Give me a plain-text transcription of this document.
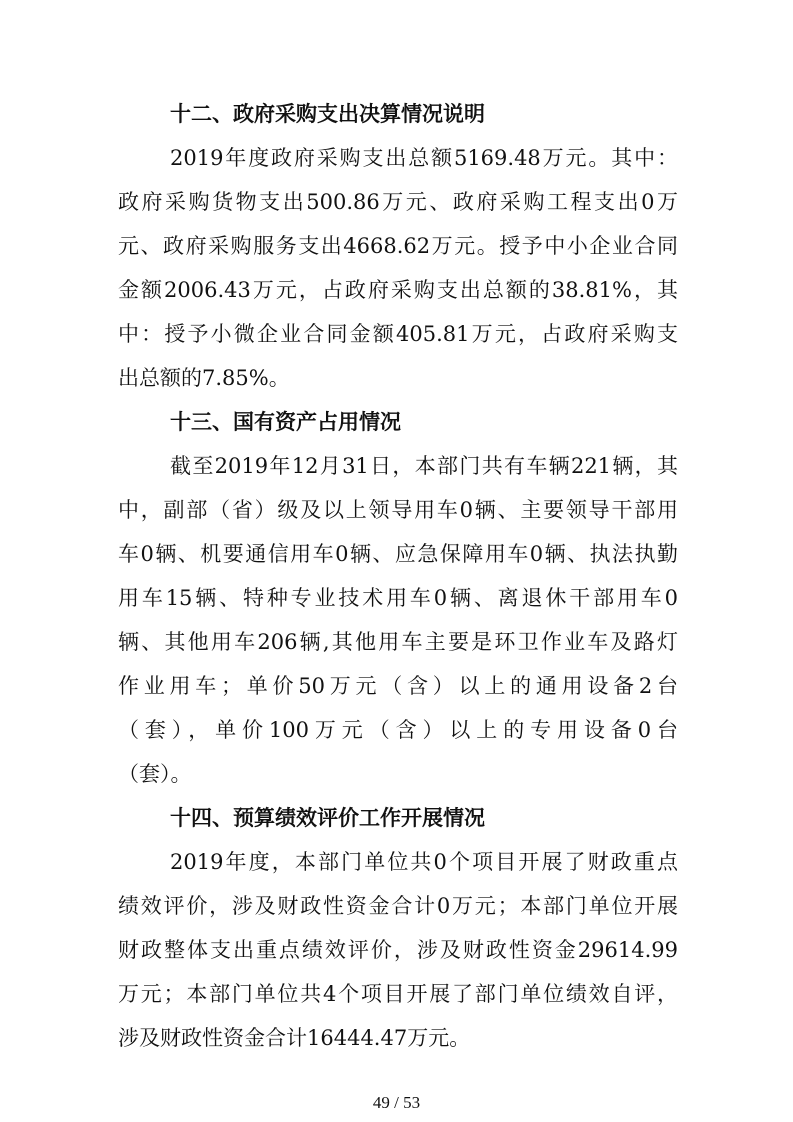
十二、政府采购支出决算情况说明
2019年度政府采购支出总额5169.48万元。其中：
政府采购货物支出500.86万元、政府采购工程支出0万
元、政府采购服务支出4668.62万元。授予中小企业合同
金额2006.43万元，占政府采购支出总额的38.81%，其
中：授予小微企业合同金额405.81万元，占政府采购支
出总额的7.85%。
十三、国有资产占用情况
截至2019年12月31日，本部门共有车辆221辆，其
中，副部（省）级及以上领导用车0辆、主要领导干部用
车0辆、机要通信用车0辆、应急保障用车0辆、执法执勤
用车15辆、特种专业技术用车0辆、离退休干部用车0
辆、其他用车206辆,其他用车主要是环卫作业车及路灯
作业用车；单价50万元（含）以上的通用设备2台
（套），单价100万元（含）以上的专用设备0台
（套）。
十四、预算绩效评价工作开展情况
2019年度，本部门单位共0个项目开展了财政重点
绩效评价，涉及财政性资金合计0万元；本部门单位开展
财政整体支出重点绩效评价，涉及财政性资金29614.99
万元；本部门单位共4个项目开展了部门单位绩效自评，
涉及财政性资金合计16444.47万元。
49 / 53
